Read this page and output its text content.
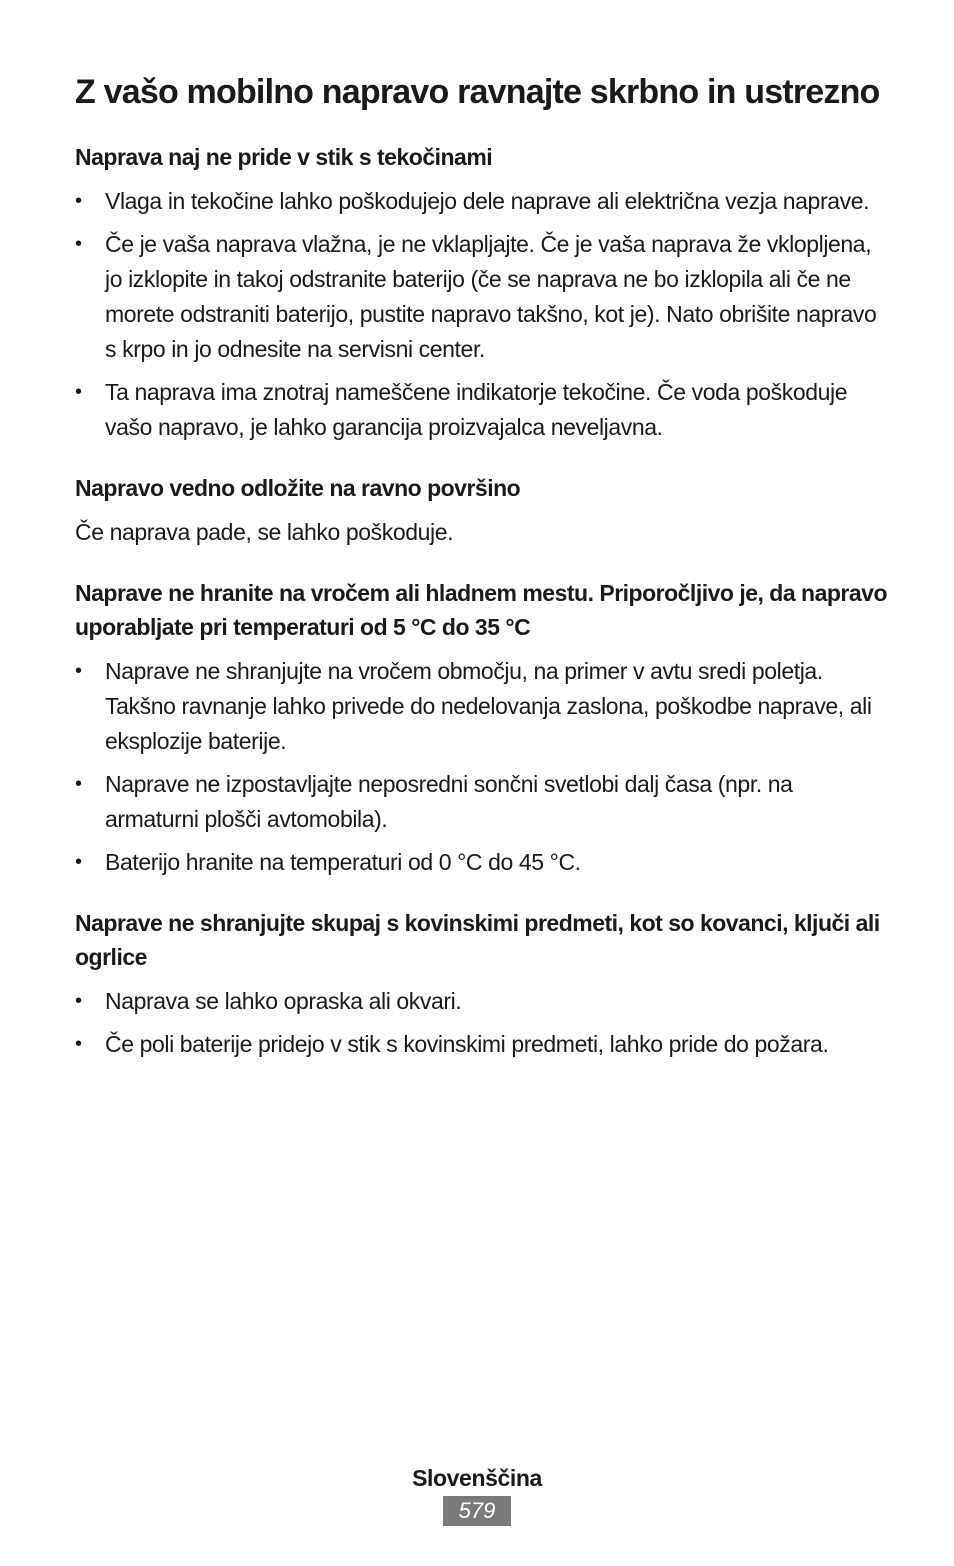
Z vašo mobilno napravo ravnajte skrbno in ustrezno
Naprava naj ne pride v stik s tekočinami
•	Vlaga in tekočine lahko poškodujejo dele naprave ali električna vezja naprave.
•	Če je vaša naprava vlažna, je ne vklapljajte. Če je vaša naprava že vklopljena, jo izklopite in takoj odstranite baterijo (če se naprava ne bo izklopila ali če ne morete odstraniti baterijo, pustite napravo takšno, kot je). Nato obrišite napravo s krpo in jo odnesite na servisni center.
•	Ta naprava ima znotraj nameščene indikatorje tekočine. Če voda poškoduje vašo napravo, je lahko garancija proizvajalca neveljavna.
Napravo vedno odložite na ravno površino

Če naprava pade, se lahko poškoduje.

Naprave ne hranite na vročem ali hladnem mestu. Priporočljivo je, da napravo uporabljate pri temperaturi od 5 °C do 35 °C
•	Naprave ne shranjujte na vročem območju, na primer v avtu sredi poletja. Takšno ravnanje lahko privede do nedelovanja zaslona, poškodbe naprave, ali eksplozije baterije.
•	Naprave ne izpostavljajte neposredni sončni svetlobi dalj časa (npr. na armaturni plošči avtomobila).
•	Baterijo hranite na temperaturi od 0 °C do 45 °C.
Naprave ne shranjujte skupaj s kovinskimi predmeti, kot so kovanci, ključi ali ogrlice
•	Naprava se lahko opraska ali okvari.
•	Če poli baterije pridejo v stik s kovinskimi predmeti, lahko pride do požara.
Slovenščina
579
